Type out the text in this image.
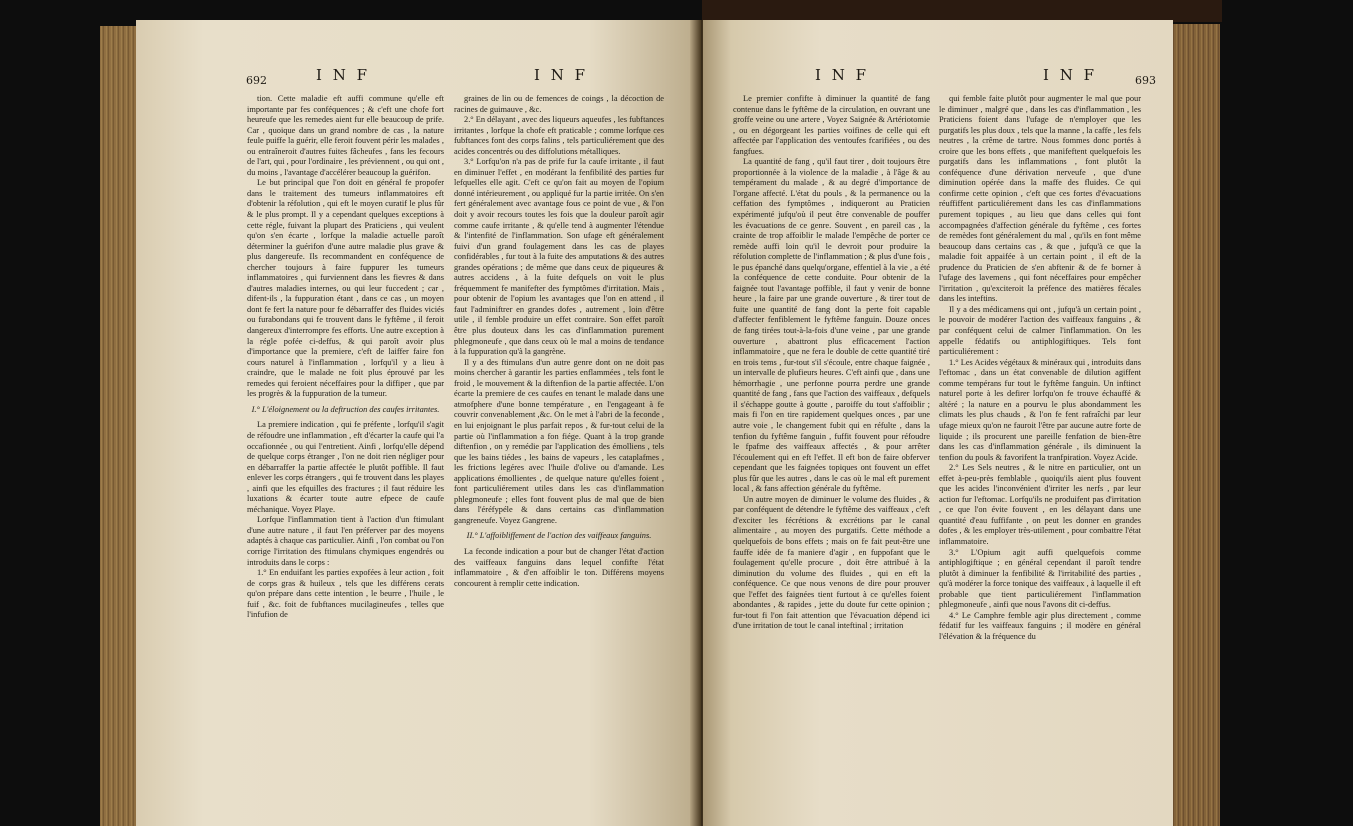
692	I N F	I N F

tion. Cette maladie eft auffi commune qu'elle eft importante par fes conféquences ; & c'eft une chofe fort heureufe que les remedes aient fur elle beaucoup de prife. Car , quoique dans un grand nombre de cas , la nature feule puiffe la guérir, elle feroit fouvent périr les malades , ou entraîneroit d'autres fuites fâcheufes , fans les fecours de l'art, qui , pour l'ordinaire , les préviennent , ou qui ont , du moins , l'avantage d'accélérer beaucoup la guérifon.

Le but principal que l'on doit en général fe propofer dans le traitement des tumeurs inflammatoires eft d'obtenir la réfolution , qui eft le moyen curatif le plus fûr & le plus prompt. Il y a cependant quelques exceptions à cette régle, fuivant la plupart des Praticiens , qui veulent qu'on s'en écarte , lorfque la maladie actuelle paroît déterminer la guérifon d'une autre maladie plus grave & plus dangereufe. Ils recommandent en conféquence de chercher toujours à faire fuppurer les tumeurs inflammatoires , qui furviennent dans les fievres & dans d'autres maladies internes, ou qui leur fuccedent ; car , difent-ils , la fuppuration étant , dans ce cas , un moyen dont fe fert la nature pour fe débarraffer des fluides viciés ou furabondans qui fe trouvent dans le fyftême , il feroit dangereux d'interrompre fes efforts. Une autre exception à la régle pofée ci-deffus, & qui paroît avoir plus d'importance que la premiere, c'eft de laiffer faire fon cours naturel à l'inflammation , lorfqu'il y a lieu à craindre, que le malade ne foit plus éprouvé par les remedes qui feroient néceffaires pour la diffiper , que par les progrès & la fuppuration de la tumeur.

I.° L'éloignement ou la deftruction des caufes irritantes.

La premiere indication , qui fe préfente , lorfqu'il s'agit de réfoudre une inflammation , eft d'écarter la caufe qui l'a occafionnée , ou qui l'entretient. Ainfi , lorfqu'elle dépend de quelque corps étranger , l'on ne doit rien négliger pour en débarraffer la partie affectée le plutôt poffible. Il faut enlever les corps étrangers , qui fe trouvent dans les playes , ainfi que les efquilles des fractures ; il faut réduire les luxations & écarter toute autre efpece de caufe méchanique. Voyez Playe.

Lorfque l'inflammation tient à l'action d'un ftimulant d'une autre nature , il faut l'en préferver par des moyens adaptés à chaque cas particulier. Ainfi , l'on combat ou l'on corrige l'irritation des ftimulans chymiques engendrés ou introduits dans le corps :

1.° En enduifant les parties expofées à leur action , foit de corps gras & huileux , tels que les différens cerats qu'on prépare dans cette intention , le beurre , l'huile , le fuif , &c. foit de fubftances mucilagineufes , telles que l'infufion de

graines de lin ou de femences de coings , la décoction de racines de guimauve , &c.

2.° En délayant , avec des liqueurs aqueufes , les fubftances irritantes , lorfque la chofe eft praticable ; comme lorfque ces fubftances font des corps falins , tels particuliérement que des acides concentrés ou des diffolutions métalliques.

3.° Lorfqu'on n'a pas de prife fur la caufe irritante , il faut en diminuer l'effet , en modérant la fenfibilité des parties fur lefquelles elle agit. C'eft ce qu'on fait au moyen de l'opium donné intérieurement , ou appliqué fur la partie irritée. On s'en fert généralement avec avantage fous ce point de vue , & l'on doit y avoir recours toutes les fois que la douleur paroît agir comme caufe irritante , & qu'elle tend à augmenter l'étendue & l'intenfité de l'inflammation. Son ufage eft généralement fuivi d'un grand foulagement dans les cas de playes confidérables , fur tout à la fuite des amputations & des autres grandes opérations ; de même que dans ceux de piqueures & autres accidens , à la fuite defquels on voit le plus fréquemment fe manifefter des fymptômes d'irritation. Mais , pour obtenir de l'opium les avantages que l'on en attend , il faut l'adminiftrer en grandes dofes , autrement , loin d'être utile , il femble produire un effet contraire. Son effet paroît être plus douteux dans les cas d'inflammation purement phlegmoneufe , que dans ceux où le mal a moins de tendance à la fuppuration qu'à la gangrène.

Il y a des ftimulans d'un autre genre dont on ne doit pas moins chercher à garantir les parties enflammées , tels font le froid , le mouvement & la diftenfion de la partie affectée. L'on écarte la premiere de ces caufes en tenant le malade dans une atmofphere d'une bonne température , en l'engageant à fe couvrir convenablement ,&c. On le met à l'abri de la feconde , en lui enjoignant le plus parfait repos , & fur-tout celui de la partie où l'inflammation a fon fiége. Quant à la trop grande diftenfion , on y remédie par l'application des émolliens , tels que les bains tiédes , les bains de vapeurs , les cataplafmes , les frictions legéres avec l'huile d'olive ou d'amande. Les applications émollientes , de quelque nature qu'elles foient , font particuliérement utiles dans les cas d'inflammation phlegmoneufe ; elles font fouvent plus de mal que de bien dans l'éréfypéle & dans certains cas d'inflammation gangreneufe. Voyez Gangrene.

II.° L'affoibliffement de l'action des vaiffeaux fanguins.

La feconde indication a pour but de changer l'état d'action des vaiffeaux fanguins dans lequel confifte l'état inflammatoire , & d'en affoiblir le ton. Différens moyens concourent à remplir cette indication.

I N F	I N F	693

Le premier confifte à diminuer la quantité de fang contenue dans le fyftême de la circulation, en ouvrant une groffe veine ou une artere , Voyez Saignée & Artériotomie , ou en dégorgeant les parties voifines de celle qui eft affectée par l'application des ventoufes fcarifiées , ou des fangfues.

La quantité de fang , qu'il faut tirer , doit toujours être proportionnée à la violence de la maladie , à l'âge & au tempérament du malade , & au degré d'importance de l'organe affecté. L'état du pouls , & la permanence ou la ceffation des fymptômes , indiqueront au Praticien expérimenté jufqu'où il peut être convenable de pouffer les évacuations de ce genre. Souvent , en pareil cas , la crainte de trop affoiblir le malade l'empêche de porter ce remède auffi loin qu'il le devroit pour produire la réfolution complette de l'inflammation ; & plus d'une fois , le pus épanché dans quelqu'organe, effentiel à la vie , a été la conféquence de cette conduite. Pour obtenir de la faignée tout l'avantage poffible, il faut y venir de bonne heure , la faire par une grande ouverture , & tirer tout de fuite une quantité de fang dont la perte foit capable d'affecter fenfiblement le fyftême fanguin. Douze onces de fang tirées tout-à-la-fois d'une veine , par une grande ouverture , abattront plus efficacement l'action inflammatoire , que ne fera le double de cette quantité tiré en trois tems , fur-tout s'il s'écoule, entre chaque faignée , un intervalle de plufieurs heures. C'eft ainfi que , dans une hémorrhagie , une perfonne pourra perdre une grande quantité de fang , fans que l'action des vaiffeaux , defquels il s'échappe goutte à goutte , paroiffe du tout s'affoiblir ; mais fi l'on en tire rapidement quelques onces , par une autre voie , le changement fubit qui en réfulte , dans la tenfion du fyftême fanguin , fuffit fouvent pour réfoudre le fpafme des vaiffeaux affectés , & pour arrêter l'écoulement qui en eft l'effet. Il eft bon de faire obferver cependant que les faignées topiques ont fouvent un effet plus fûr que les autres , dans le cas où le mal eft purement local , & fans affection générale du fyftême.

Un autre moyen de diminuer le volume des fluides , & par conféquent de détendre le fyftême des vaiffeaux , c'eft d'exciter les fécrétions & excrétions par le canal alimentaire , au moyen des purgatifs. Cette méthode a quelquefois de bons effets ; mais on fe fait peut-être une fauffe idée de fa maniere d'agir , en fuppofant que le foulagement qu'elle procure , doit être attribué à la diminution du volume des fluides , qui en eft la conféquence. Ce que nous venons de dire pour prouver que l'effet des faignées tient furtout à ce qu'elles foient abondantes , & rapides , jette du doute fur cette opinion ; fur-tout fi l'on fait attention que l'évacuation dépend ici d'une irritation de tout le canal inteftinal ; irritation

qui femble faite plutôt pour augmenter le mal que pour le diminuer , malgré que , dans les cas d'inflammation , les Praticiens foient dans l'ufage de n'employer que les purgatifs les plus doux , tels que la manne , la caffe , les fels neutres , la crême de tartre. Nous fommes donc portés à croire que les bons effets , que manifeftent quelquefois les purgatifs dans les inflammations , font plutôt la conféquence d'une dérivation nerveufe , que d'une diminution opérée dans la maffe des fluides. Ce qui confirme cette opinion , c'eft que ces fortes d'évacuations réuffiffent particuliérement dans les cas d'inflammations purement topiques , au lieu que dans celles qui font accompagnées d'affection générale du fyftême , ces fortes de remèdes font généralement du mal , qu'ils en font même beaucoup dans certains cas , & que , jufqu'à ce que la maladie foit appaifée à un certain point , il eft de la prudence du Praticien de s'en abftenir & de fe borner à l'ufage des lavemens , qui font néceffaires pour empêcher l'irritation , qu'exciteroit la préfence des matières fécales dans les inteftins.

Il y a des médicamens qui ont , jufqu'à un certain point , le pouvoir de modérer l'action des vaiffeaux fanguins , & par conféquent celui de calmer l'inflammation. On les appelle fédatifs ou antiphlogiftiques. Tels font particuliérement :

1.° Les Acides végétaux & minéraux qui , introduits dans l'eftomac , dans un état convenable de dilution agiffent comme tempérans fur tout le fyftême fanguin. Un inftinct naturel porte à les defirer lorfqu'on fe trouve échauffé & altéré ; la nature en a pourvu le plus abondamment les climats les plus chauds , & l'on fe fent rafraîchi par leur ufage mieux qu'on ne fauroit l'être par aucune autre forte de liquide ; ils procurent une pareille fenfation de bien-être dans les cas d'inflammation générale , ils diminuent la tenfion du pouls & favorifent la tranfpiration. Voyez Acide.

2.° Les Sels neutres , & le nitre en particulier, ont un effet à-peu-près femblable , quoiqu'ils aient plus fouvent que les acides l'inconvénient d'irriter les nerfs , par leur action fur l'eftomac. Lorfqu'ils ne produifent pas d'irritation , ce que l'on évite fouvent , en les délayant dans une quantité d'eau fuffifante , on peut les donner en grandes dofes , & les employer très-utilement , pour combattre l'état inflammatoire.

3.° L'Opium agit auffi quelquefois comme antiphlogiftique ; en général cependant il paroît tendre plutôt à diminuer la fenfibilité & l'irritabilité des parties , qu'à modérer la force tonique des vaiffeaux , à laquelle il eft probable que tient particuliérement l'inflammation phlegmoneufe , ainfi que nous l'avons dit ci-deffus.

4.° Le Camphre femble agir plus directement , comme fédatif fur les vaiffeaux fanguins ; il modère en général l'élévation & la fréquence du
